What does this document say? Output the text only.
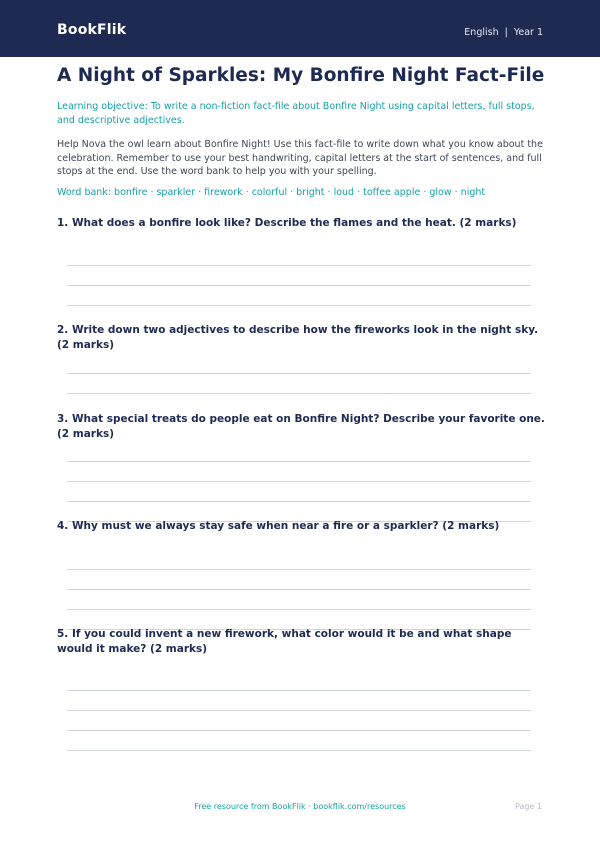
BookFlik	English | Year 1
A Night of Sparkles: My Bonfire Night Fact-File

Learning objective: To write a non-fiction fact-file about Bonfire Night using capital letters, full stops, and descriptive adjectives.

Help Nova the owl learn about Bonfire Night! Use this fact-file to write down what you know about the celebration. Remember to use your best handwriting, capital letters at the start of sentences, and full stops at the end. Use the word bank to help you with your spelling.

Word bank: bonfire · sparkler · firework · colorful · bright · loud · toffee apple · glow · night

1. What does a bonfire look like? Describe the flames and the heat. (2 marks)
2. Write down two adjectives to describe how the fireworks look in the night sky. (2 marks)
3. What special treats do people eat on Bonfire Night? Describe your favorite one. (2 marks)
4. Why must we always stay safe when near a fire or a sparkler? (2 marks)
5. If you could invent a new firework, what color would it be and what shape would it make? (2 marks)
Free resource from BookFlik · bookflik.com/resources	Page 1
